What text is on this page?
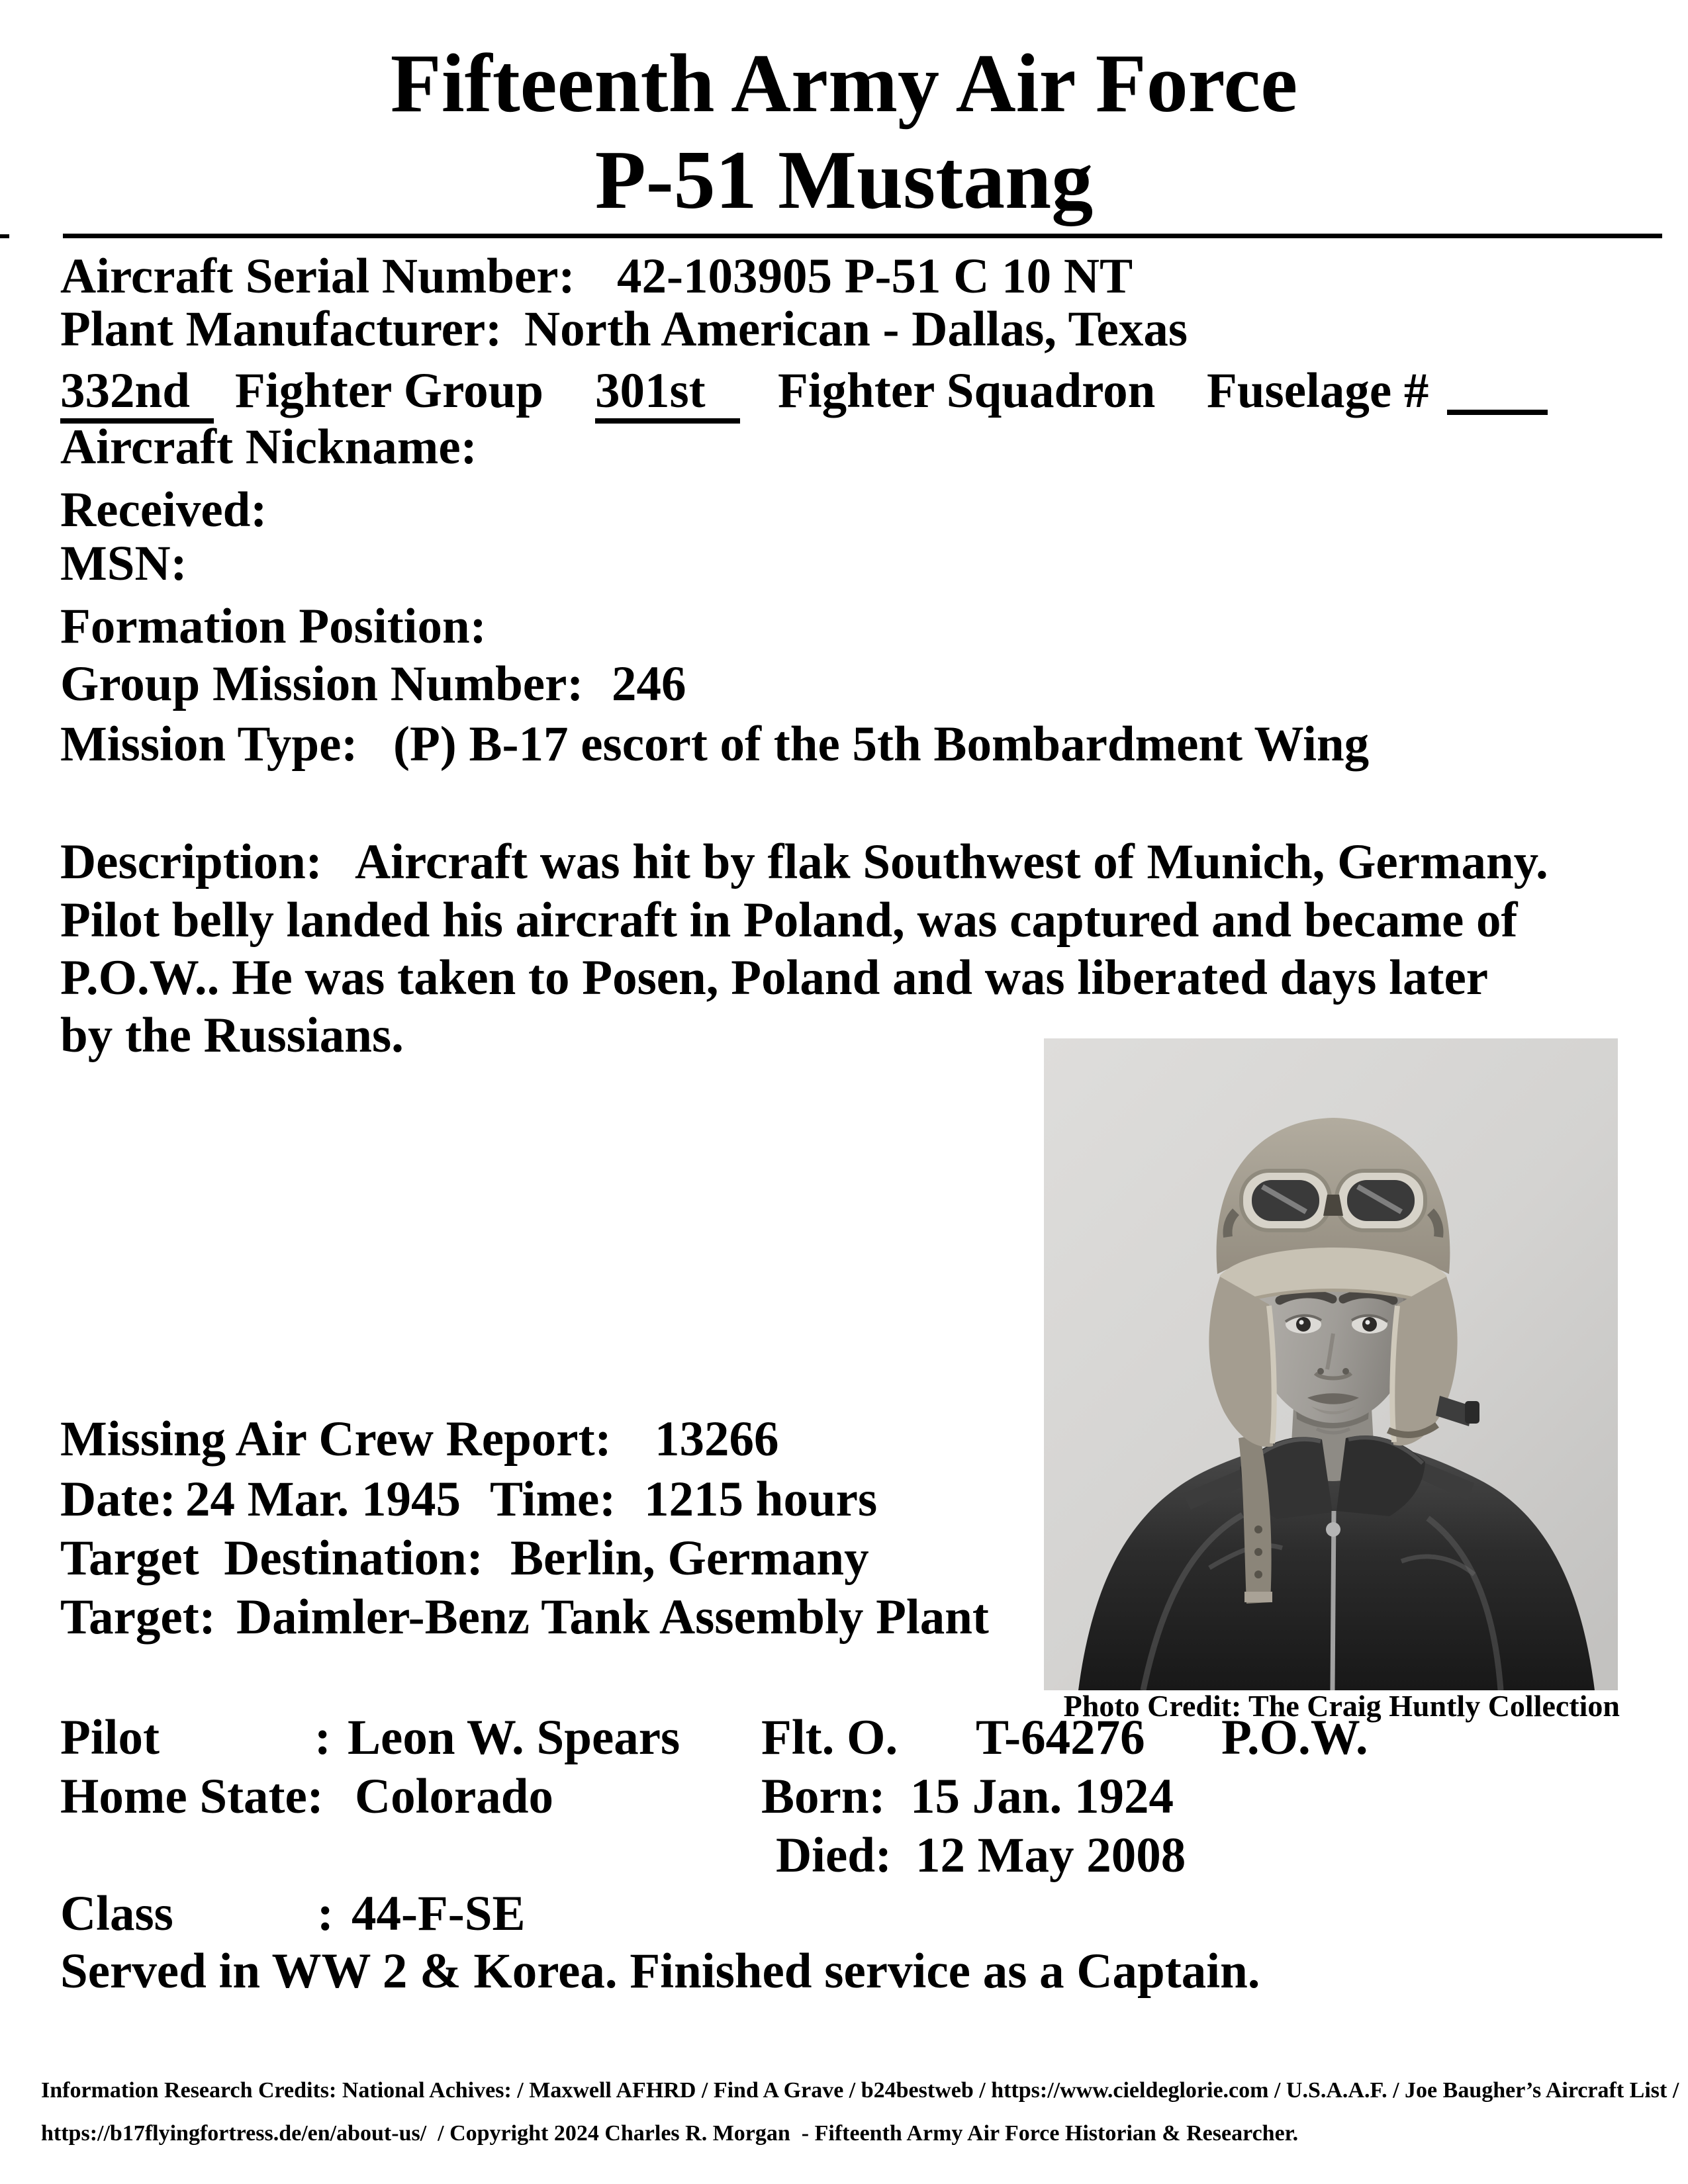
Fifteenth Army Air Force
P-51 Mustang
Aircraft Serial Number: 42-103905 P-51 C 10 NT
Plant Manufacturer: North American - Dallas, Texas
332nd Fighter Group 301st	Fighter Squadron Fuselage #
Aircraft Nickname:
Received:
MSN:
Formation Position:
Group Mission Number: 246
Mission Type: (P) B-17 escort of the 5th Bombardment Wing
Description: Aircraft was hit by flak Southwest of Munich, Germany.
Pilot belly landed his aircraft in Poland, was captured and became of
P.O.W.. He was taken to Posen, Poland and was liberated days later
by the Russians.
Missing Air Crew Report: 13266
Date: 24 Mar. 1945 Time: 1215 hours
Target  Destination: Berlin, Germany
Target: Daimler-Benz Tank Assembly Plant
Photo Credit: The Craig Huntly Collection
Pilot	: Leon W. Spears Flt. O. T-64276 P.O.W.
Home State: Colorado	Born: 15 Jan. 1924
Died: 12 May 2008
Class	: 44-F-SE
Served in WW 2 & Korea. Finished service as a Captain.
Information Research Credits: National Achives: / Maxwell AFHRD / Find A Grave / b24bestweb / https://www.cieldeglorie.com / U.S.A.A.F. / Joe Baugher’s Aircraft List /
https://b17flyingfortress.de/en/about-us/  / Copyright 2024 Charles R. Morgan  - Fifteenth Army Air Force Historian & Researcher.
